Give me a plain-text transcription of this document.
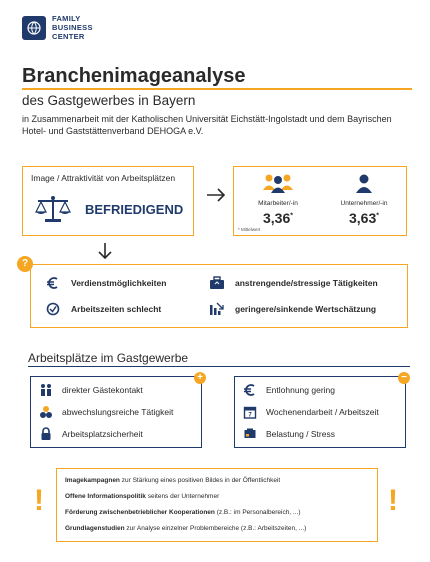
FAMILY
BUSINESS
CENTER
Branchenimageanalyse
des Gastgewerbes in Bayern
in Zusammenarbeit mit der Katholischen Universität Eichstätt-Ingolstadt und dem Bayrischen Hotel- und Gaststättenverband DEHOGA e.V.
Image / Attraktivität von Arbeitsplätzen
BEFRIEDIGEND	Mitarbeiter/-in
3,36*
Unternehmer/-in
3,63*
* Mittelwert
Verdienstmöglichkeiten
Arbeitszeiten schlecht
anstrengende/stressige Tätigkeiten
geringere/sinkende Wertschätzung
?
Arbeitsplätze im Gastgewerbe
+
direkter Gästekontakt
abwechslungsreiche Tätigkeit
Arbeitsplatzsicherheit
−
Entlohnung gering
7 Wochenendarbeit / Arbeitszeit
Belastung / Stress
!
Imagekampagnen zur Stärkung eines positiven Bildes in der Öffentlichkeit
Offene Informationspolitik seitens der Unternehmer
Förderung zwischenbetrieblicher Kooperationen (z.B.: im Personalbereich, ...)
Grundlagenstudien zur Analyse einzelner Problembereiche (z.B.: Arbeitszeiten, ...)
!
